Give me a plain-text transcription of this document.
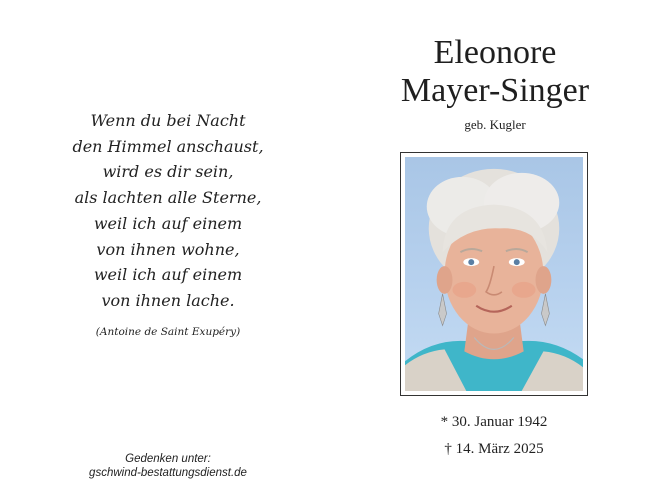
Wenn du bei Nacht
den Himmel anschaust,
wird es dir sein,
als lachten alle Sterne,
weil ich auf einem
von ihnen wohne,
weil ich auf einem
von ihnen lache.
(Antoine de Saint Exupéry)
Gedenken unter:
gschwind-bestattungsdienst.de
Eleonore
Mayer-Singer
geb. Kugler
* 30. Januar 1942
† 14. März 2025
